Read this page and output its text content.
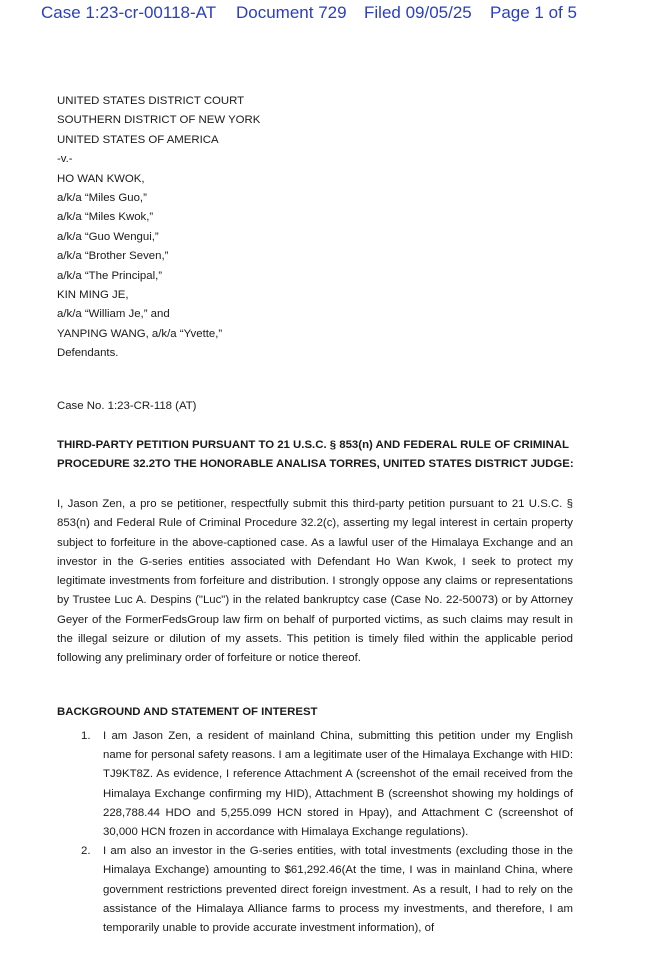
Case 1:23-cr-00118-AT Document 729 Filed 09/05/25 Page 1 of 5
UNITED STATES DISTRICT COURT
SOUTHERN DISTRICT OF NEW YORK
UNITED STATES OF AMERICA
-v.-
HO WAN KWOK,
a/k/a “Miles Guo,”
a/k/a “Miles Kwok,”
a/k/a “Guo Wengui,”
a/k/a “Brother Seven,”
a/k/a “The Principal,”
KIN MING JE,
a/k/a “William Je,” and
YANPING WANG, a/k/a “Yvette,”
Defendants.
Case No. 1:23-CR-118 (AT)
THIRD-PARTY PETITION PURSUANT TO 21 U.S.C. § 853(n) AND FEDERAL RULE OF CRIMINAL
PROCEDURE 32.2TO THE HONORABLE ANALISA TORRES, UNITED STATES DISTRICT JUDGE:
I, Jason Zen, a pro se petitioner, respectfully submit this third-party petition pursuant to 21 U.S.C. § 853(n) and Federal Rule of Criminal Procedure 32.2(c), asserting my legal interest in certain property subject to forfeiture in the above-captioned case. As a lawful user of the Himalaya Exchange and an investor in the G-series entities associated with Defendant Ho Wan Kwok, I seek to protect my legitimate investments from forfeiture and distribution. I strongly oppose any claims or representations by Trustee Luc A. Despins ("Luc") in the related bankruptcy case (Case No. 22-50073) or by Attorney Geyer of the FormerFedsGroup law firm on behalf of purported victims, as such claims may result in the illegal seizure or dilution of my assets. This petition is timely filed within the applicable period following any preliminary order of forfeiture or notice thereof.
BACKGROUND AND STATEMENT OF INTEREST
1. I am Jason Zen, a resident of mainland China, submitting this petition under my English name for personal safety reasons. I am a legitimate user of the Himalaya Exchange with HID: TJ9KT8Z. As evidence, I reference Attachment A (screenshot of the email received from the Himalaya Exchange confirming my HID), Attachment B (screenshot showing my holdings of 228,788.44 HDO and 5,255.099 HCN stored in Hpay), and Attachment C (screenshot of 30,000 HCN frozen in accordance with Himalaya Exchange regulations).
2. I am also an investor in the G-series entities, with total investments (excluding those in the Himalaya Exchange) amounting to $61,292.46(At the time, I was in mainland China, where government restrictions prevented direct foreign investment. As a result, I had to rely on the assistance of the Himalaya Alliance farms to process my investments, and therefore, I am temporarily unable to provide accurate investment information), of
